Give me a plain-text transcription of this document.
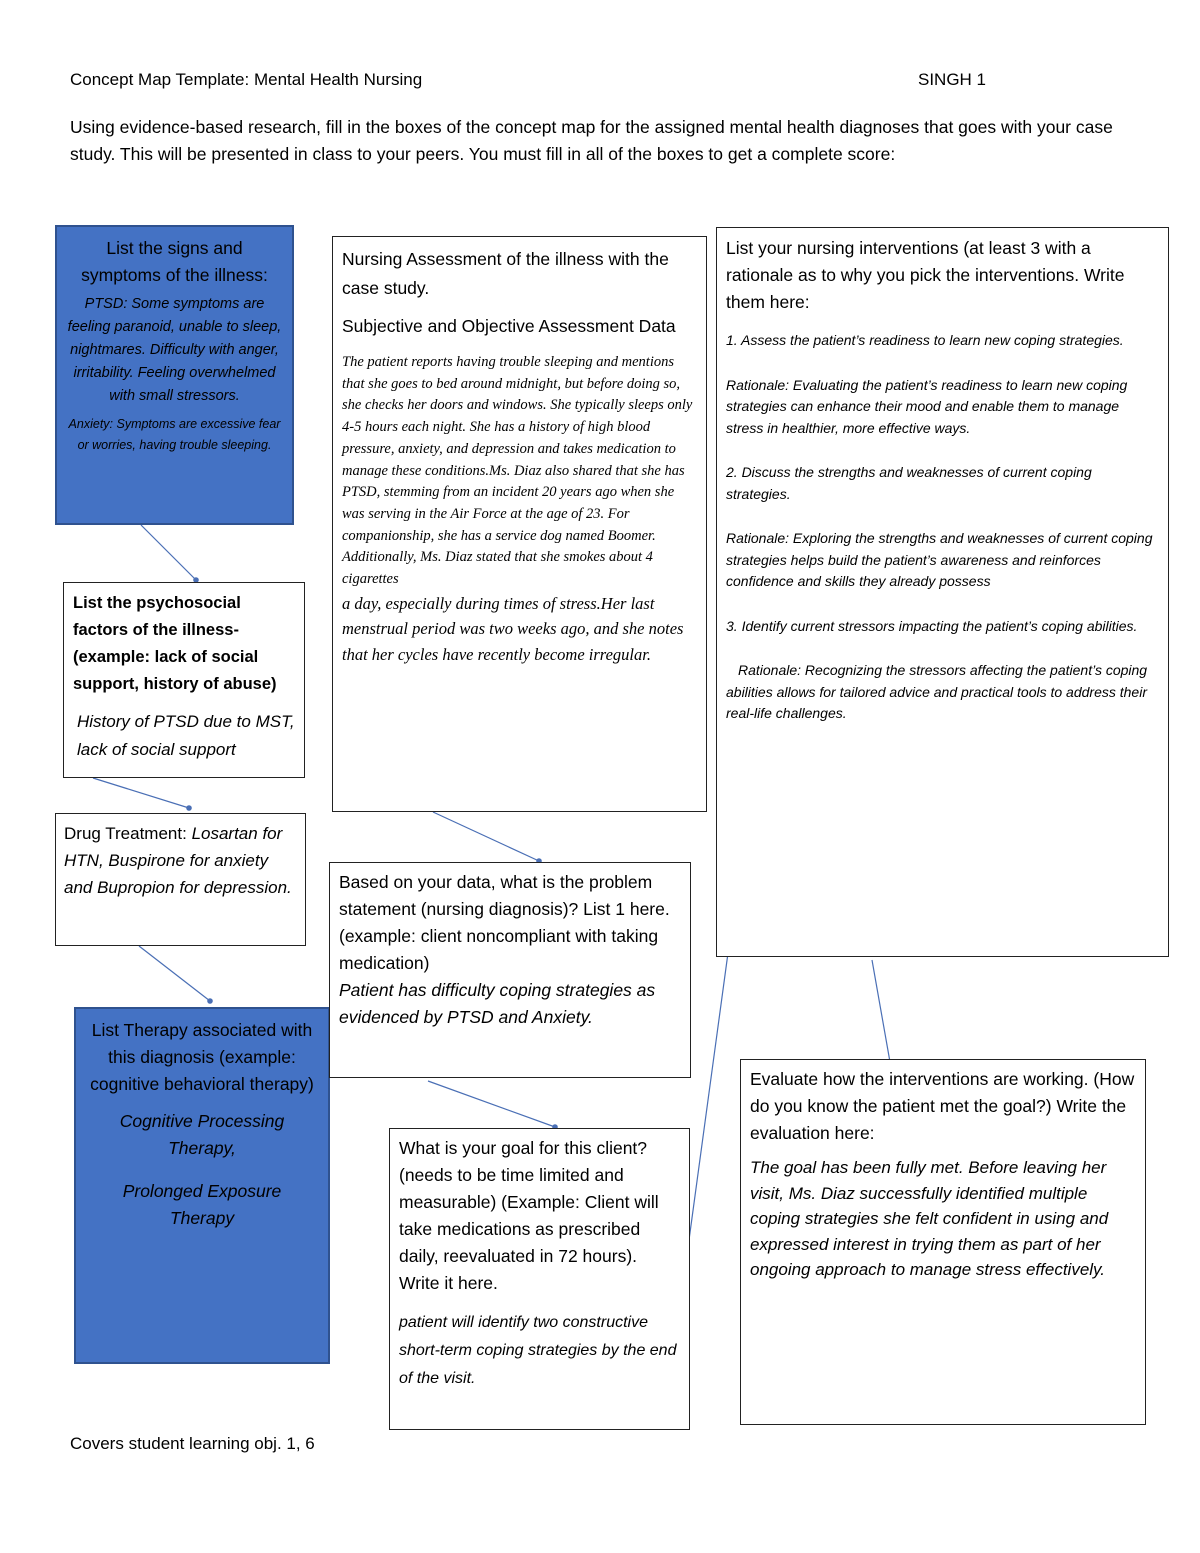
Concept Map Template: Mental Health Nursing	SINGH 1
Using evidence-based research, fill in the boxes of the concept map for the assigned mental health diagnoses that goes with your case study. This will be presented in class to your peers. You must fill in all of the boxes to get a complete score:

List the signs and symptoms of the illness:

PTSD: Some symptoms are feeling paranoid, unable to sleep, nightmares. Difficulty with anger, irritability. Feeling overwhelmed with small stressors.

Anxiety: Symptoms are excessive fear or worries, having trouble sleeping.

List the psychosocial factors of the illness-(example: lack of social support, history of abuse)

History of PTSD due to MST, lack of social support

Drug Treatment: Losartan for HTN, Buspirone for anxiety and Bupropion for depression.

List Therapy associated with this diagnosis (example: cognitive behavioral therapy)

Cognitive Processing Therapy,

Prolonged Exposure Therapy

Nursing Assessment of the illness with the case study.

Subjective and Objective Assessment Data

The patient reports having trouble sleeping and mentions that she goes to bed around midnight, but before doing so, she checks her doors and windows. She typically sleeps only 4-5 hours each night. She has a history of high blood pressure, anxiety, and depression and takes medication to manage these conditions.Ms. Diaz also shared that she has PTSD, stemming from an incident 20 years ago when she was serving in the Air Force at the age of 23. For companionship, she has a service dog named Boomer. Additionally, Ms. Diaz stated that she smokes about 4 cigarettes

a day, especially during times of stress.Her last menstrual period was two weeks ago, and she notes that her cycles have recently become irregular.

Based on your data, what is the problem statement (nursing diagnosis)? List 1 here. (example: client noncompliant with taking medication)

Patient has difficulty coping strategies as evidenced by PTSD and Anxiety.

What is your goal for this client? (needs to be time limited and measurable) (Example: Client will take medications as prescribed daily, reevaluated in 72 hours). Write it here.

patient will identify two constructive short-term coping strategies by the end of the visit.

List your nursing interventions (at least 3 with a rationale as to why you pick the interventions. Write them here:

1. Assess the patient’s readiness to learn new coping strategies.

Rationale: Evaluating the patient’s readiness to learn new coping strategies can enhance their mood and enable them to manage stress in healthier, more effective ways.

2. Discuss the strengths and weaknesses of current coping strategies.

Rationale: Exploring the strengths and weaknesses of current coping strategies helps build the patient’s awareness and reinforces confidence and skills they already possess

3. Identify current stressors impacting the patient’s coping abilities.

Rationale: Recognizing the stressors affecting the patient’s coping abilities allows for tailored advice and practical tools to address their real-life challenges.

Evaluate how the interventions are working. (How do you know the patient met the goal?) Write the evaluation here:

The goal has been fully met. Before leaving her visit, Ms. Diaz successfully identified multiple coping strategies she felt confident in using and expressed interest in trying them as part of her ongoing approach to manage stress effectively.

Covers student learning obj. 1, 6
